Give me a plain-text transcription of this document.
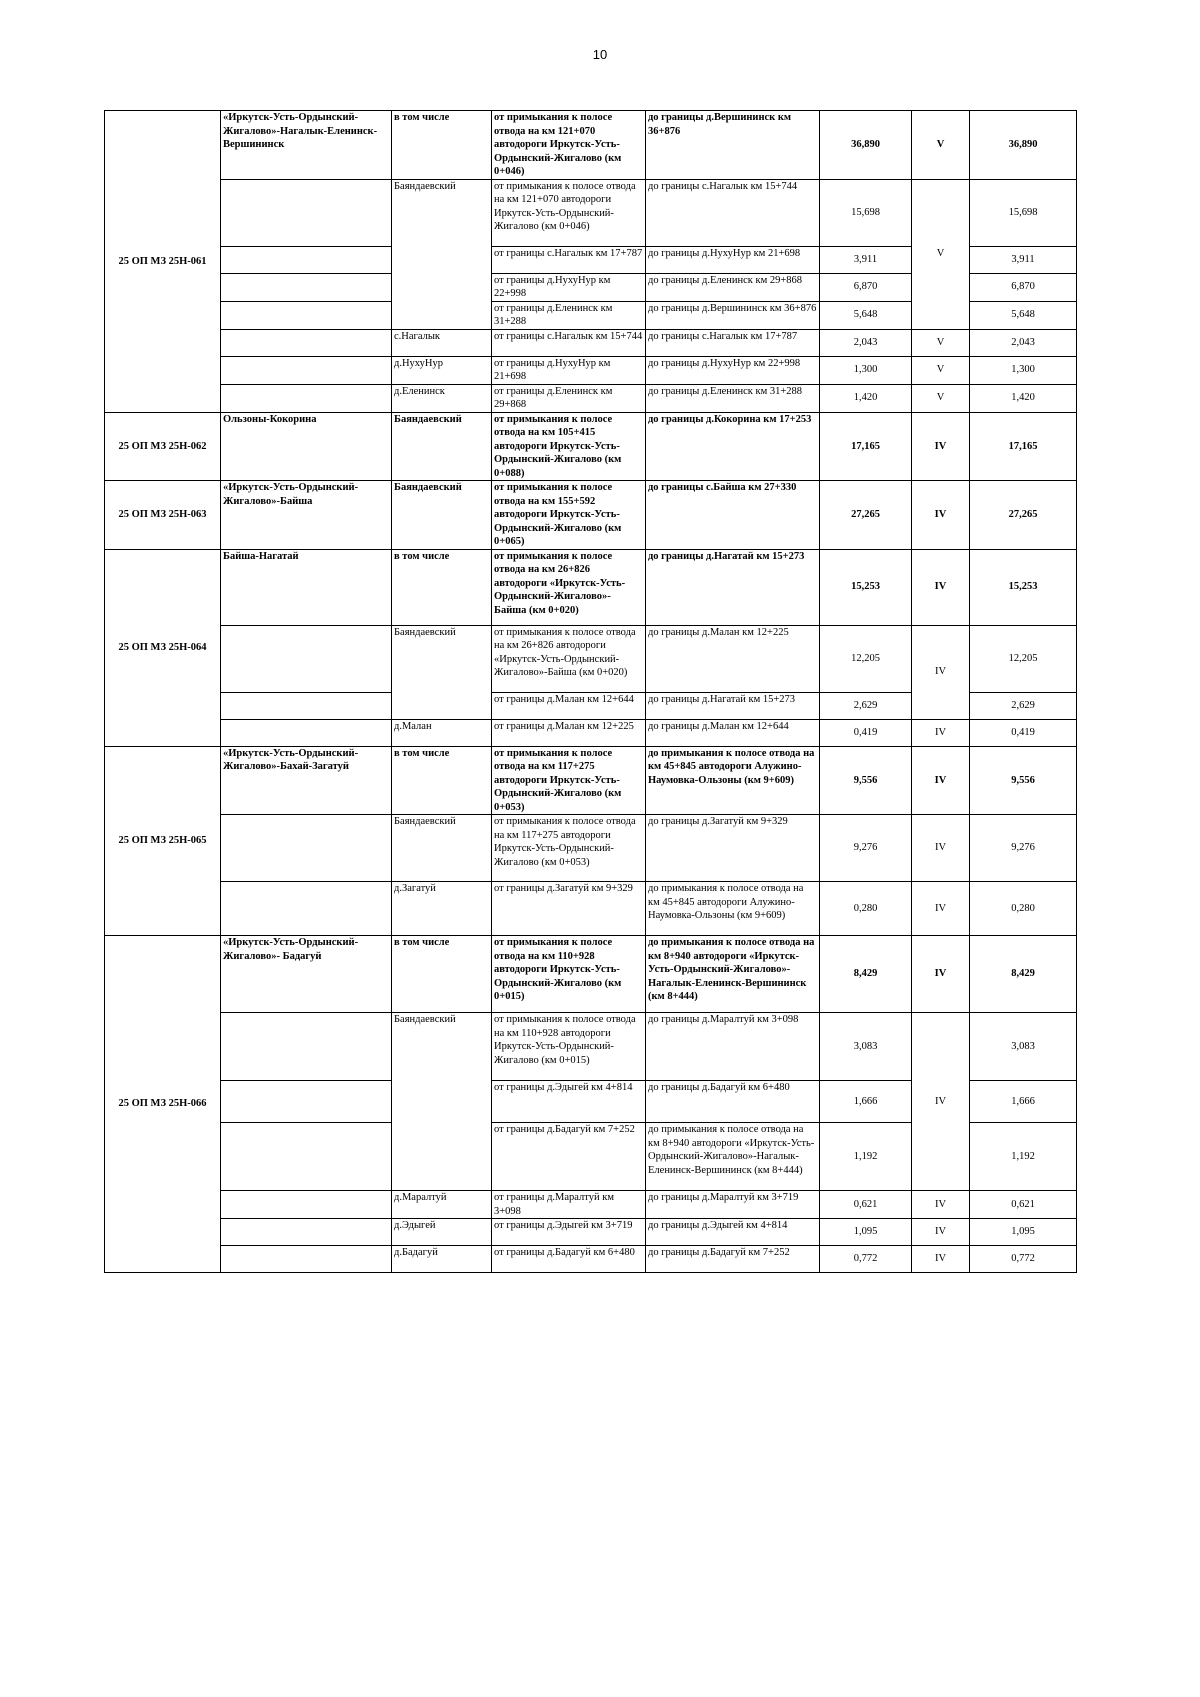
10
25 ОП МЗ 25Н-061	«Иркутск-Усть-Ордынский-Жигалово»-Нагалык-Еленинск-Вершининск	в том числе	от примыкания к полосе отвода на км 121+070 автодороги Иркутск-Усть-Ордынский-Жигалово (км 0+046)	до границы д.Вершининск км 36+876	36,890	V	36,890
		Баяндаевский	от примыкания к полосе отвода на км 121+070 автодороги Иркутск-Усть-Ордынский-Жигалово (км 0+046)	до границы с.Нагалык км 15+744	15,698	V	15,698
			от границы с.Нагалык км 17+787	до границы д.НухуНур км 21+698	3,911		3,911
			от границы д.НухуНур км 22+998	до границы д.Еленинск км 29+868	6,870		6,870
			от границы д.Еленинск км 31+288	до границы д.Вершининск км 36+876	5,648		5,648
		с.Нагалык	от границы с.Нагалык км 15+744	до границы с.Нагалык км 17+787	2,043	V	2,043
		д.НухуНур	от границы д.НухуНур км 21+698	до границы д.НухуНур км 22+998	1,300	V	1,300
		д.Еленинск	от границы д.Еленинск км 29+868	до границы д.Еленинск км 31+288	1,420	V	1,420
25 ОП МЗ 25Н-062	Ользоны-Кокорина	Баяндаевский	от примыкания к полосе отвода на км 105+415 автодороги Иркутск-Усть-Ордынский-Жигалово (км 0+088)	до границы д.Кокорина км 17+253	17,165	IV	17,165
25 ОП МЗ 25Н-063	«Иркутск-Усть-Ордынский-Жигалово»-Байша	Баяндаевский	от примыкания к полосе отвода на км 155+592 автодороги Иркутск-Усть-Ордынский-Жигалово (км 0+065)	до границы с.Байша км 27+330	27,265	IV	27,265
25 ОП МЗ 25Н-064	Байша-Нагатай	в том числе	от примыкания к полосе отвода на км 26+826 автодороги «Иркутск-Усть-Ордынский-Жигалово»-Байша (км 0+020)	до границы д.Нагатай км 15+273	15,253	IV	15,253
		Баяндаевский	от примыкания к полосе отвода на км 26+826 автодороги «Иркутск-Усть-Ордынский-Жигалово»-Байша (км 0+020)	до границы д.Малан км 12+225	12,205	IV	12,205
			от границы д.Малан км 12+644	до границы д.Нагатай км 15+273	2,629		2,629
		д.Малан	от границы д.Малан км 12+225	до границы д.Малан км 12+644	0,419	IV	0,419
25 ОП МЗ 25Н-065	«Иркутск-Усть-Ордынский-Жигалово»-Бахай-Загатуй	в том числе	от примыкания к полосе отвода на км 117+275 автодороги Иркутск-Усть-Ордынский-Жигалово (км 0+053)	до примыкания к полосе отвода на км 45+845 автодороги Алужино-Наумовка-Ользоны (км 9+609)	9,556	IV	9,556
		Баяндаевский	от примыкания к полосе отвода на км 117+275 автодороги Иркутск-Усть-Ордынский-Жигалово (км 0+053)	до границы д.Загатуй км 9+329	9,276	IV	9,276
		д.Загатуй	от границы д.Загатуй км 9+329	до примыкания к полосе отвода на км 45+845 автодороги Алужино-Наумовка-Ользоны (км 9+609)	0,280	IV	0,280
25 ОП МЗ 25Н-066	«Иркутск-Усть-Ордынский-Жигалово»- Бадагуй	в том числе	от примыкания к полосе отвода на км 110+928 автодороги Иркутск-Усть-Ордынский-Жигалово (км 0+015)	до примыкания к полосе отвода на км 8+940 автодороги «Иркутск-Усть-Ордынский-Жигалово»-Нагалык-Еленинск-Вершининск (км 8+444)	8,429	IV	8,429
		Баяндаевский	от примыкания к полосе отвода на км 110+928 автодороги Иркутск-Усть-Ордынский-Жигалово (км 0+015)	до границы д.Маралтуй км 3+098	3,083	IV	3,083
			от границы д.Эдыгей км 4+814	до границы д.Бадагуй км 6+480	1,666		1,666
			от границы д.Бадагуй км 7+252	до примыкания к полосе отвода на км 8+940 автодороги «Иркутск-Усть-Ордынский-Жигалово»-Нагалык-Еленинск-Вершининск (км 8+444)	1,192		1,192
		д.Маралтуй	от границы д.Маралтуй км 3+098	до границы д.Маралтуй км 3+719	0,621	IV	0,621
		д.Эдыгей	от границы д.Эдыгей км 3+719	до границы д.Эдыгей км 4+814	1,095	IV	1,095
		д.Бадагуй	от границы д.Бадагуй км 6+480	до границы д.Бадагуй км 7+252	0,772	IV	0,772
